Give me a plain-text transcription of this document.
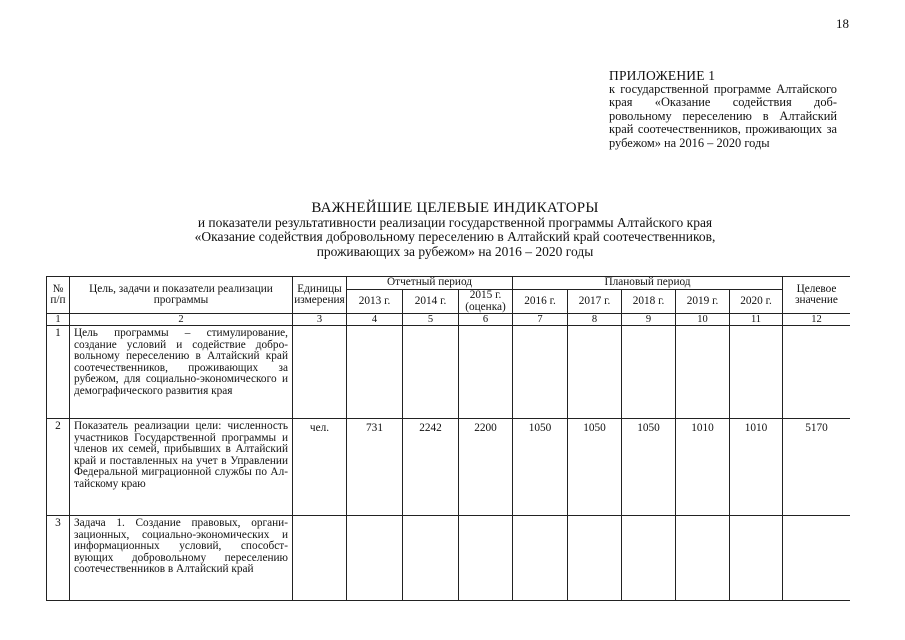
18
ПРИЛОЖЕНИЕ 1
к государственной программе Алтайского края «Оказание содействия добровольному переселению в Алтайский край соотечественников, проживающих за рубежом» на 2016 – 2020 годы
ВАЖНЕЙШИЕ ЦЕЛЕВЫЕ ИНДИКАТОРЫ
и показатели результативности реализации государственной программы Алтайского края
«Оказание содействия добровольному переселению в Алтайский край соотечественников,
проживающих за рубежом» на 2016 – 2020 годы
№ п/п	Цель, задачи и показатели реализации программы	Единицы измерения	Отчетный период			Плановый период					Целевое значение
			2013 г.	2014 г.	2015 г. (оценка)	2016 г.	2017 г.	2018 г.	2019 г.	2020 г.	
1	2	3	4	5	6	7	8	9	10	11	12
1	Цель программы – стимулирование, создание условий и содействие добровольному переселению в Алтайский край соотечественников, проживающих за рубежом, для социально-экономического и демографического развития края										
2	Показатель реализации цели: численность участников Государственной программы и членов их семей, прибывших в Алтайский край и поставленных на учет в Управлении Федеральной миграционной службы по Алтайскому краю	чел.	731	2242	2200	1050	1050	1050	1010	1010	5170
3	Задача 1. Создание правовых, организационных, социально-экономических и информационных условий, способствующих добровольному переселению соотечественников в Алтайский край										
